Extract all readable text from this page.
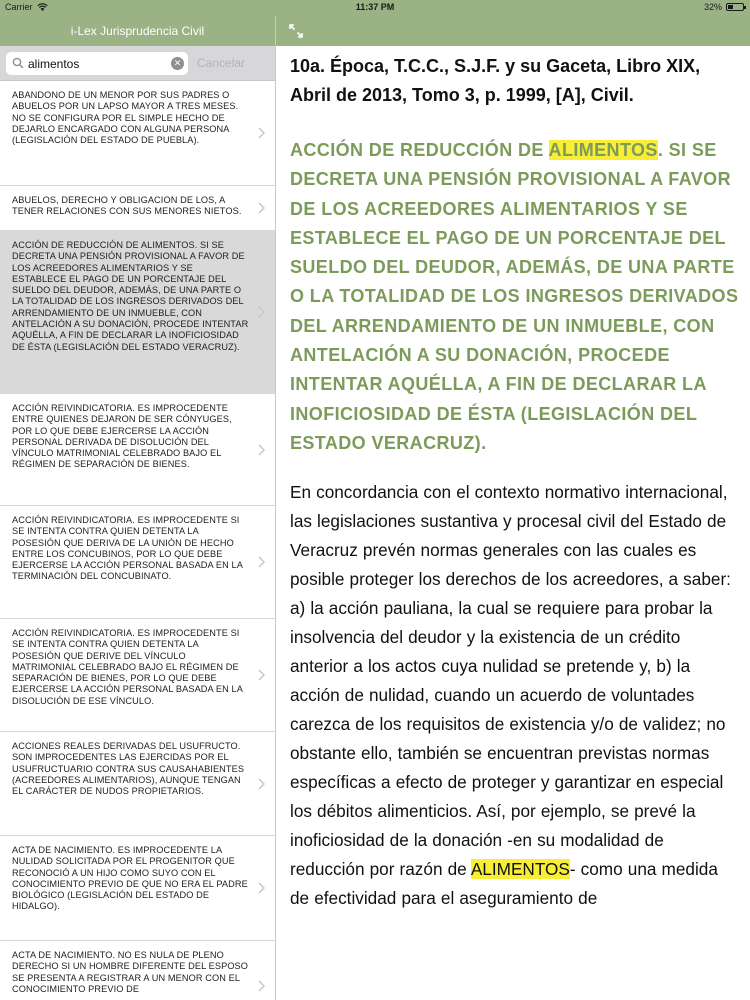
Carrier	11:37 PM	32%
i-Lex Jurisprudencia Civil
alimentos
✕ Cancelar
ABANDONO DE UN MENOR POR SUS PADRES O ABUELOS POR UN LAPSO MAYOR A TRES MESES. NO SE CONFIGURA POR EL SIMPLE HECHO DE DEJARLO ENCARGADO CON ALGUNA PERSONA (LEGISLACIÓN DEL ESTADO DE PUEBLA).
ABUELOS, DERECHO Y OBLIGACION DE LOS, A TENER RELACIONES CON SUS MENORES NIETOS.
ACCIÓN DE REDUCCIÓN DE ALIMENTOS. SI SE DECRETA UNA PENSIÓN PROVISIONAL A FAVOR DE LOS ACREEDORES ALIMENTARIOS Y SE ESTABLECE EL PAGO DE UN PORCENTAJE DEL SUELDO DEL DEUDOR, ADEMÁS, DE UNA PARTE O LA TOTALIDAD DE LOS INGRESOS DERIVADOS DEL ARRENDAMIENTO DE UN INMUEBLE, CON ANTELACIÓN A SU DONACIÓN, PROCEDE INTENTAR AQUÉLLA, A FIN DE DECLARAR LA INOFICIOSIDAD DE ÉSTA (LEGISLACIÓN DEL ESTADO VERACRUZ).
ACCIÓN REIVINDICATORIA. ES IMPROCEDENTE ENTRE QUIENES DEJARON DE SER CÓNYUGES, POR LO QUE DEBE EJERCERSE LA ACCIÓN PERSONAL DERIVADA DE DISOLUCIÓN DEL VÍNCULO MATRIMONIAL CELEBRADO BAJO EL RÉGIMEN DE SEPARACIÓN DE BIENES.
ACCIÓN REIVINDICATORIA. ES IMPROCEDENTE SI SE INTENTA CONTRA QUIEN DETENTA LA POSESIÓN QUE DERIVA DE LA UNIÓN DE HECHO ENTRE LOS CONCUBINOS, POR LO QUE DEBE EJERCERSE LA ACCIÓN PERSONAL BASADA EN LA TERMINACIÓN DEL CONCUBINATO.
ACCIÓN REIVINDICATORIA. ES IMPROCEDENTE SI SE INTENTA CONTRA QUIEN DETENTA LA POSESIÓN QUE DERIVE DEL VÍNCULO MATRIMONIAL CELEBRADO BAJO EL RÉGIMEN DE SEPARACIÓN DE BIENES, POR LO QUE DEBE EJERCERSE LA ACCIÓN PERSONAL BASADA EN LA DISOLUCIÓN DE ESE VÍNCULO.
ACCIONES REALES DERIVADAS DEL USUFRUCTO. SON IMPROCEDENTES LAS EJERCIDAS POR EL USUFRUCTUARIO CONTRA SUS CAUSAHABIENTES (ACREEDORES ALIMENTARIOS), AUNQUE TENGAN EL CARÁCTER DE NUDOS PROPIETARIOS.
ACTA DE NACIMIENTO. ES IMPROCEDENTE LA NULIDAD SOLICITADA POR EL PROGENITOR QUE RECONOCIÓ A UN HIJO COMO SUYO CON EL CONOCIMIENTO PREVIO DE QUE NO ERA EL PADRE BIOLÓGICO (LEGISLACIÓN DEL ESTADO DE HIDALGO).
ACTA DE NACIMIENTO. NO ES NULA DE PLENO DERECHO SI UN HOMBRE DIFERENTE DEL ESPOSO SE PRESENTA A REGISTRAR A UN MENOR CON EL CONOCIMIENTO PREVIO DE

10a. Época, T.C.C., S.J.F. y su Gaceta, Libro XIX, Abril de 2013, Tomo 3, p. 1999, [A], Civil.

ACCIÓN DE REDUCCIÓN DE ALIMENTOS. SI SE DECRETA UNA PENSIÓN PROVISIONAL A FAVOR DE LOS ACREEDORES ALIMENTARIOS Y SE ESTABLECE EL PAGO DE UN PORCENTAJE DEL SUELDO DEL DEUDOR, ADEMÁS, DE UNA PARTE O LA TOTALIDAD DE LOS INGRESOS DERIVADOS DEL ARRENDAMIENTO DE UN INMUEBLE, CON ANTELACIÓN A SU DONACIÓN, PROCEDE INTENTAR AQUÉLLA, A FIN DE DECLARAR LA INOFICIOSIDAD DE ÉSTA (LEGISLACIÓN DEL ESTADO VERACRUZ).

En concordancia con el contexto normativo internacional, las legislaciones sustantiva y procesal civil del Estado de Veracruz prevén normas generales con las cuales es posible proteger los derechos de los acreedores, a saber: a) la acción pauliana, la cual se requiere para probar la insolvencia del deudor y la existencia de un crédito anterior a los actos cuya nulidad se pretende y, b) la acción de nulidad, cuando un acuerdo de voluntades carezca de los requisitos de existencia y/o de validez; no obstante ello, también se encuentran previstas normas específicas a efecto de proteger y garantizar en especial los débitos alimenticios. Así, por ejemplo, se prevé la inoficiosidad de la donación -en su modalidad de reducción por razón de ALIMENTOS- como una medida de efectividad para el aseguramiento de
